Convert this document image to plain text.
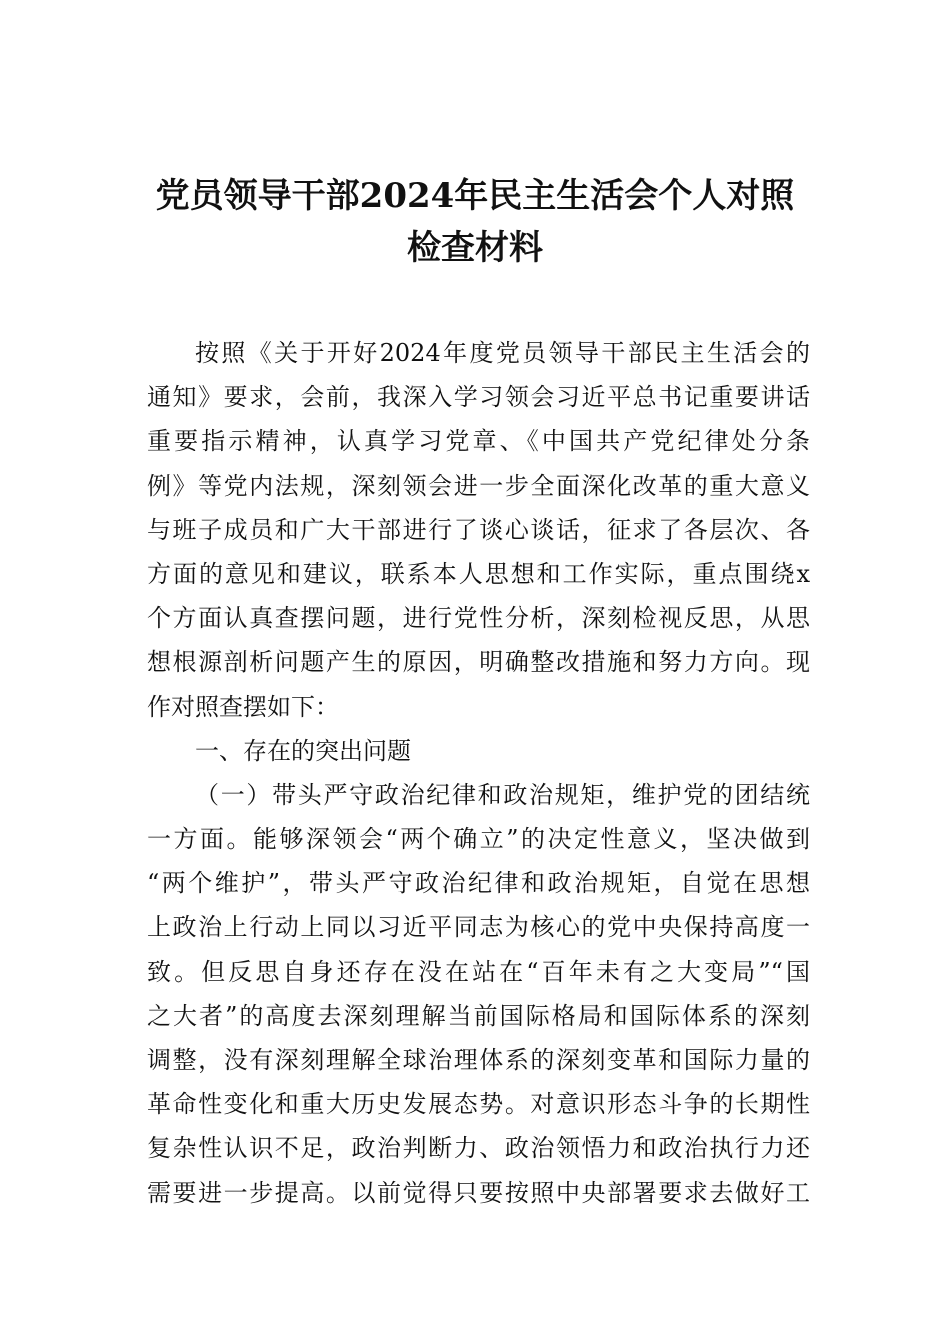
党员领导干部2024年民主生活会个人对照
检查材料
按照《关于开好2024年度党员领导干部民主生活会的
通知》要求，会前，我深入学习领会习近平总书记重要讲话
重要指示精神，认真学习党章、《中国共产党纪律处分条
例》等党内法规，深刻领会进一步全面深化改革的重大意义
与班子成员和广大干部进行了谈心谈话，征求了各层次、各
方面的意见和建议，联系本人思想和工作实际，重点围绕x
个方面认真查摆问题，进行党性分析，深刻检视反思，从思
想根源剖析问题产生的原因，明确整改措施和努力方向。现
作对照查摆如下：
一、存在的突出问题
（一）带头严守政治纪律和政治规矩，维护党的团结统
一方面。能够深领会“两个确立”的决定性意义，坚决做到
“两个维护”，带头严守政治纪律和政治规矩，自觉在思想
上政治上行动上同以习近平同志为核心的党中央保持高度一
致。但反思自身还存在没在站在“百年未有之大变局”“国
之大者”的高度去深刻理解当前国际格局和国际体系的深刻
调整，没有深刻理解全球治理体系的深刻变革和国际力量的
革命性变化和重大历史发展态势。对意识形态斗争的长期性
复杂性认识不足，政治判断力、政治领悟力和政治执行力还
需要进一步提高。以前觉得只要按照中央部署要求去做好工
